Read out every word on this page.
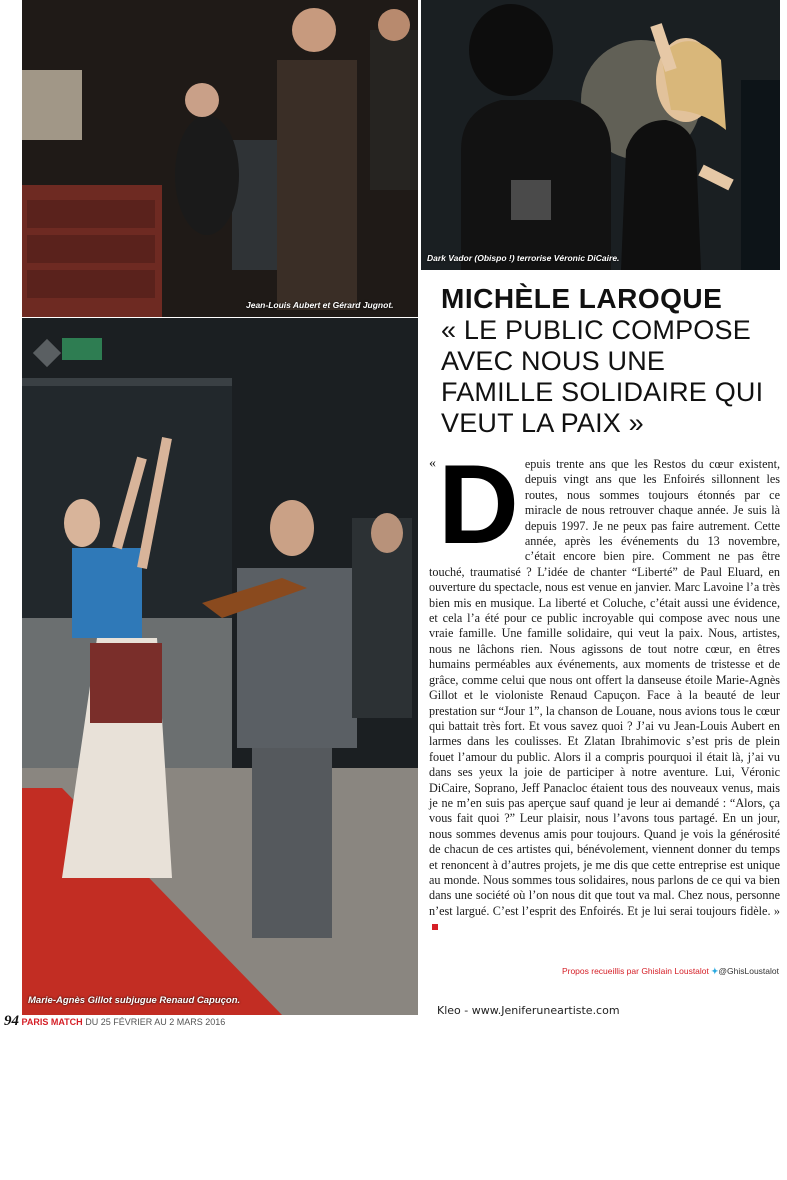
Jean-Louis Aubert et Gérard Jugnot.
Dark Vador (Obispo !) terrorise Véronic DiCaire.
Marie-Agnès Gillot subjugue Renaud Capuçon.
MICHÈLE LAROQUE
« LE PUBLIC COMPOSE
AVEC NOUS UNE
FAMILLE SOLIDAIRE QUI
VEUT LA PAIX »
« D epuis trente ans que les Restos du cœur existent, depuis vingt ans que les Enfoirés sillonnent les routes, nous sommes toujours étonnés par ce miracle de nous retrouver chaque année. Je suis là depuis 1997. Je ne peux pas faire autrement. Cette année, après les événements du 13 novembre, c’était encore bien pire. Comment ne pas être touché, traumatisé ? L’idée de chanter “Liberté” de Paul Eluard, en ouverture du spectacle, nous est venue en janvier. Marc Lavoine l’a très bien mis en musique. La liberté et Coluche, c’était aussi une évidence, et cela l’a été pour ce public incroyable qui compose avec nous une vraie famille. Une famille solidaire, qui veut la paix. Nous, artistes, nous ne lâchons rien. Nous agissons de tout notre cœur, en êtres humains perméables aux événements, aux moments de tristesse et de grâce, comme celui que nous ont offert la danseuse étoile Marie-Agnès Gillot et le violoniste Renaud Capuçon. Face à la beauté de leur prestation sur “Jour 1”, la chanson de Louane, nous avions tous le cœur qui battait très fort. Et vous savez quoi ? J’ai vu Jean-Louis Aubert en larmes dans les coulisses. Et Zlatan Ibrahimovic s’est pris de plein fouet l’amour du public. Alors il a compris pourquoi il était là, j’ai vu dans ses yeux la joie de participer à notre aventure. Lui, Véronic DiCaire, Soprano, Jeff Panacloc étaient tous des nouveaux venus, mais je ne m’en suis pas aperçue sauf quand je leur ai demandé : “Alors, ça vous fait quoi ?” Leur plaisir, nous l’avons tous partagé. En un jour, nous sommes devenus amis pour toujours. Quand je vois la générosité de chacun de ces artistes qui, bénévolement, viennent donner du temps et renoncent à d’autres projets, je me dis que cette entreprise est unique au monde. Nous sommes tous solidaires, nous parlons de ce qui va bien dans une société où l’on nous dit que tout va mal. Chez nous, personne n’est largué. C’est l’esprit des Enfoirés. Et je lui serai toujours fidèle. »
Propos recueillis par Ghislain Loustalot ✦@GhisLoustalot
Kleo - www.Jeniferuneartiste.com
94 PARIS MATCH DU 25 FÉVRIER AU 2 MARS 2016
